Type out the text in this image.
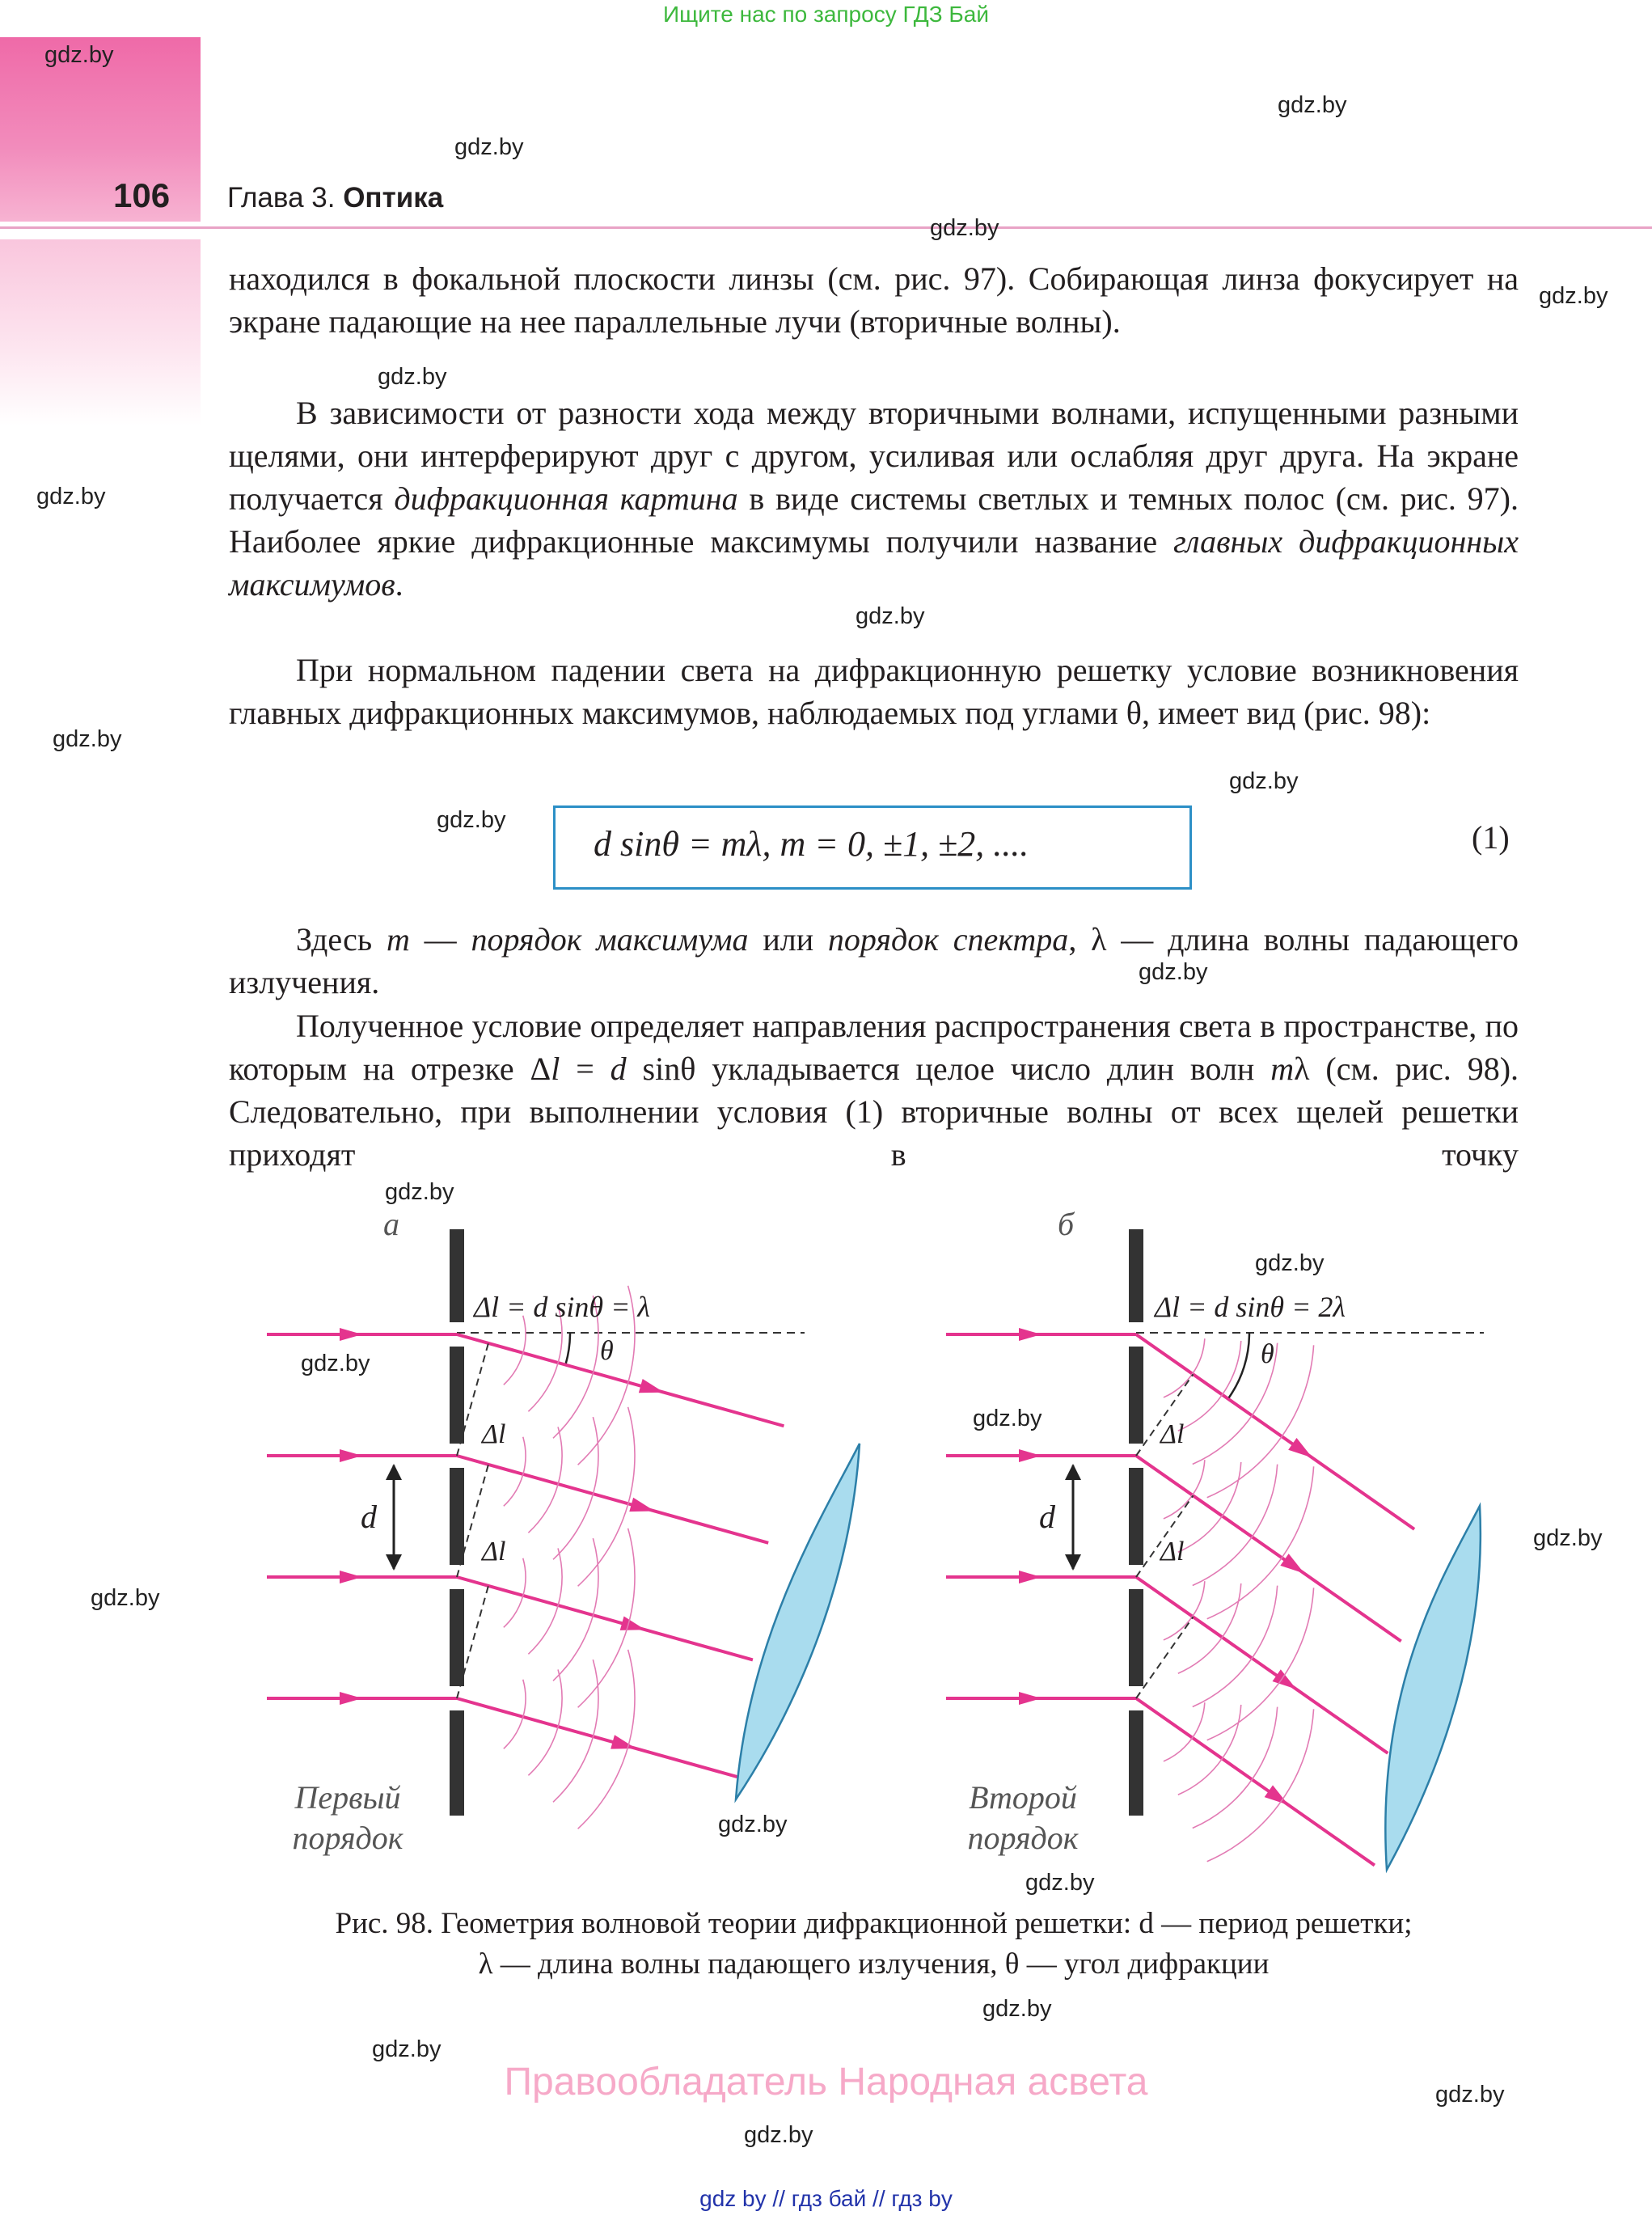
Ищите нас по запросу ГДЗ Бай
106 Глава 3. Оптика
находился в фокальной плоскости линзы (см. рис. 97). Собирающая линза фокусирует на экране падающие на нее параллельные лучи (вторичные волны).
В зависимости от разности хода между вторичными волнами, испущенными разными щелями, они интерферируют друг с другом, усиливая или ослабляя друг друга. На экране получается дифракционная картина в виде системы светлых и темных полос (см. рис. 97). Наиболее яркие дифракционные максимумы получили название главных дифракционных максимумов.
При нормальном падении света на дифракционную решетку условие возникновения главных дифракционных максимумов, наблюдаемых под углами θ, имеет вид (рис. 98):
d sinθ = mλ, m = 0, ±1, ±2, ....	(1)
Здесь m — порядок максимума или порядок спектра, λ — длина волны падающего излучения.
Полученное условие определяет направления распространения света в пространстве, по которым на отрезке Δl = d sinθ укладывается целое число длин волн mλ (см. рис. 98). Следовательно, при выполнении условия (1) вторичные волны от всех щелей решетки приходят в точку
а	б
Δl = d sinθ = λ	Δl = d sinθ = 2λ
θ	θ
Δl
Δl
Δl
Δl
d	d
Первый
порядок
Второй
порядок
Рис. 98. Геометрия волновой теории дифракционной решетки: d — период решетки;
λ — длина волны падающего излучения, θ — угол дифракции
Правообладатель Народная асвета
gdz by // гдз бай // гдз by
gdz.by
gdz.by
gdz.by
gdz.by
gdz.by
gdz.by
gdz.by
gdz.by
gdz.by
gdz.by
gdz.by
gdz.by
gdz.by
gdz.by
gdz.by
gdz.by
gdz.by
gdz.by
gdz.by
gdz.by
gdz.by
gdz.by
gdz.by
gdz.by
